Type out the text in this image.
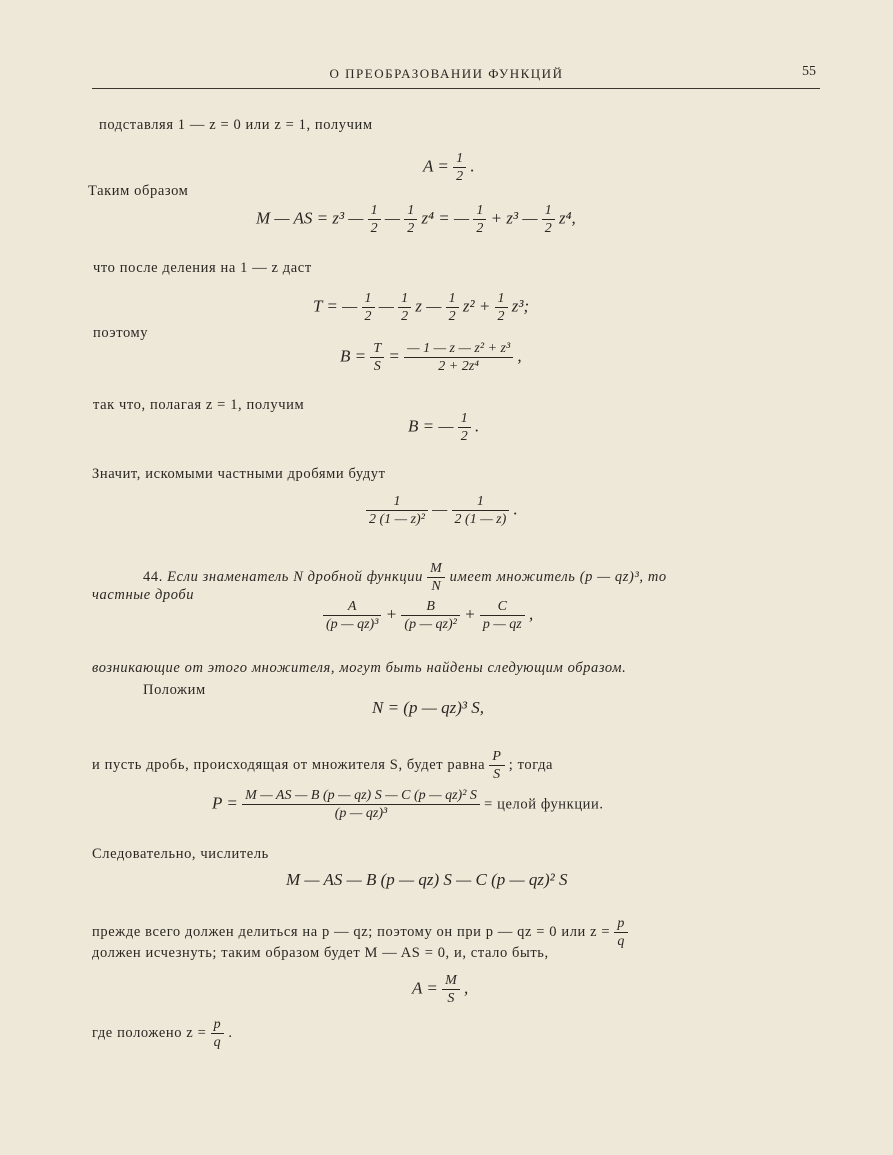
О ПРЕОБРАЗОВАНИИ ФУНКЦИЙ	55
подставляя 1 — z = 0 или z = 1, получим
$A = \frac{1}{2}$ .
Таким образом
M — AS = z³ — $\frac{1}{2}$ — $\frac{1}{2} z^4$ = — $\frac{1}{2} + z^3$ — $\frac{1}{2} z^4$,
что после деления на 1 — z даст
T = — $\frac{1}{2}$ — $\frac{1}{2}$ z — $\frac{1}{2} z^2 + \frac{1}{2} z^3$;
поэтому
$B = \frac{T}{S} = \frac{\text{— 1 — z — z² + z³}}{\text{2 + 2z⁴}}$ ,
так что, полагая z = 1, получим
B = — $\frac{1}{2}$ .
Значит, искомыми частными дробями будут
$\frac{1}{\text{2 (1 — z)²}}$ — $\frac{1}{2 (1 — z)}$ .
44. Если знаменатель N дробной функции $\frac{M}{N}$ имеет множитель (p — qz)³, то
частные дроби
$\frac{A}{\text{(p — qz)³}} + \frac{B}{\text{(p — qz)²}} + \frac{C}{p — qz}$ ,
возникающие от этого множителя, могут быть найдены следующим образом.
Положим
N = (p — qz)³ S,
и пусть дробь, происходящая от множителя S, будет равна $\frac{P}{S}$ ; тогда
$P = \frac{\text{M — AS — B (p — qz) S — C (p — qz)² S}}{\text{(p — qz)³}}$ = целой функции.
Следовательно, числитель
M — AS — B (p — qz) S — C (p — qz)² S
прежде всего должен делиться на p — qz; поэтому он при p — qz = 0 или $z = \frac{p}{q}$
должен исчезнуть; таким образом будет M — AS = 0, и, стало быть,
$A = \frac{M}{S}$ ,
где положено $z = \frac{p}{q}$ .
